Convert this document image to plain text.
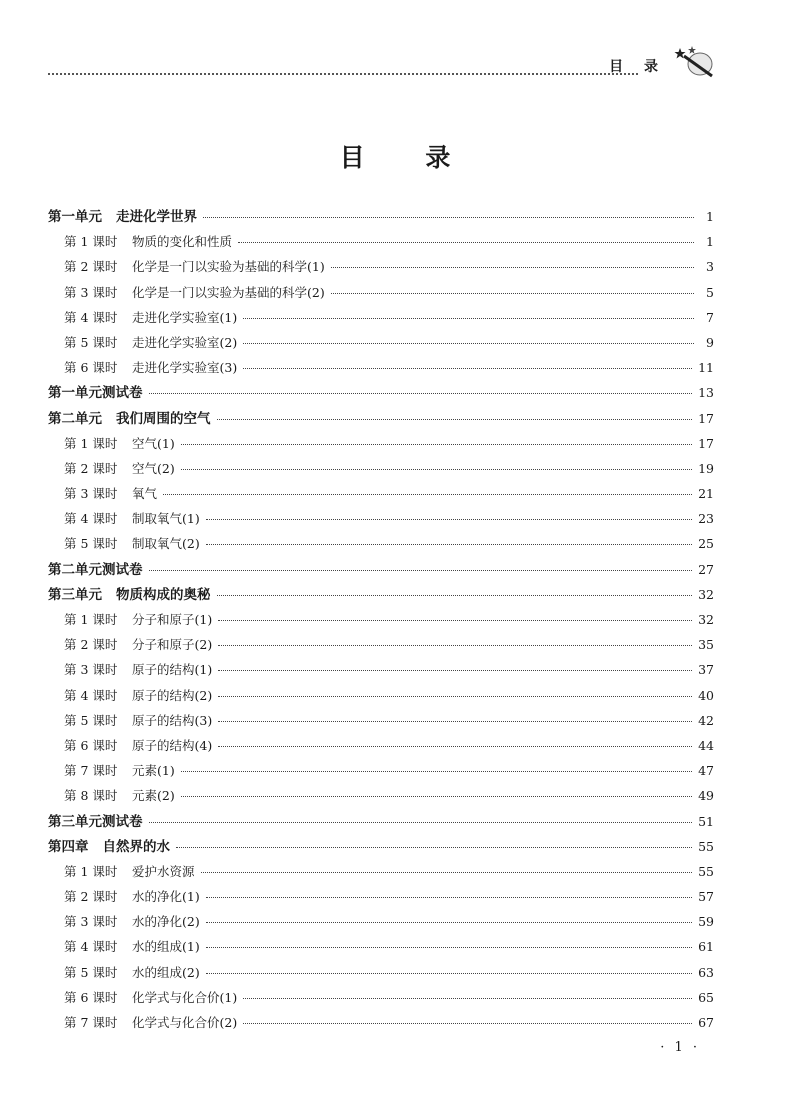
目 录
目 录
第一单元 走进化学世界	1
第 1 课时	物质的变化和性质	1
第 2 课时	化学是一门以实验为基础的科学(1)	3
第 3 课时	化学是一门以实验为基础的科学(2)	5
第 4 课时	走进化学实验室(1)	7
第 5 课时	走进化学实验室(2)	9
第 6 课时	走进化学实验室(3)	11
第一单元测试卷	13
第二单元 我们周围的空气	17
第 1 课时	空气(1)	17
第 2 课时	空气(2)	19
第 3 课时	氧气	21
第 4 课时	制取氧气(1)	23
第 5 课时	制取氧气(2)	25
第二单元测试卷	27
第三单元 物质构成的奥秘	32
第 1 课时	分子和原子(1)	32
第 2 课时	分子和原子(2)	35
第 3 课时	原子的结构(1)	37
第 4 课时	原子的结构(2)	40
第 5 课时	原子的结构(3)	42
第 6 课时	原子的结构(4)	44
第 7 课时	元素(1)	47
第 8 课时	元素(2)	49
第三单元测试卷	51
第四章 自然界的水	55
第 1 课时	爱护水资源	55
第 2 课时	水的净化(1)	57
第 3 课时	水的净化(2)	59
第 4 课时	水的组成(1)	61
第 5 课时	水的组成(2)	63
第 6 课时	化学式与化合价(1)	65
第 7 课时	化学式与化合价(2)	67
· 1 ·
